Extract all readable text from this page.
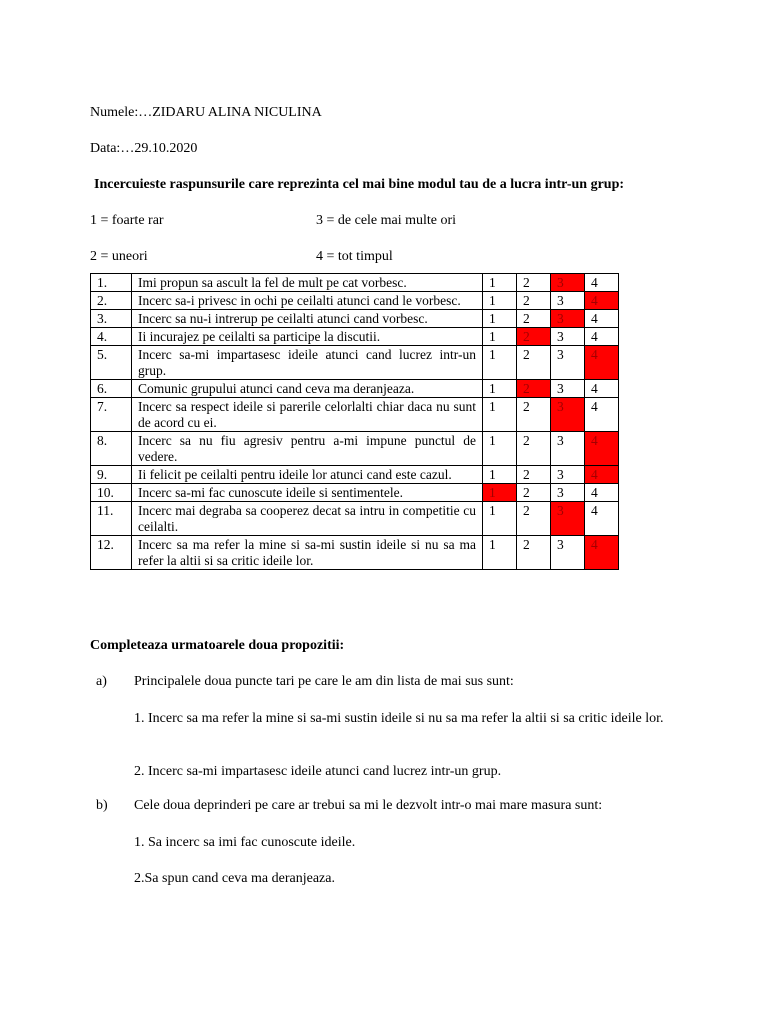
Numele:…ZIDARU ALINA NICULINA
Data:…29.10.2020
Incercuieste raspunsurile care reprezinta cel mai bine modul tau de a lucra intr-un grup:
1 = foarte rar	3 = de cele mai multe ori
2 = uneori	4 = tot timpul
1.	Imi propun sa ascult la fel de mult pe cat vorbesc.	1	2	3	4
2.	Incerc sa-i privesc in ochi pe ceilalti atunci cand le vorbesc.	1	2	3	4
3.	Incerc sa nu-i intrerup pe ceilalti atunci cand vorbesc.	1	2	3	4
4.	Ii incurajez pe ceilalti sa participe la discutii.	1	2	3	4
5.	Incerc sa-mi impartasesc ideile atunci cand lucrez intr-un grup.	1	2	3	4
6.	Comunic grupului atunci cand ceva ma deranjeaza.	1	2	3	4
7.	Incerc sa respect ideile si parerile celorlalti chiar daca nu sunt de acord cu ei.	1	2	3	4
8.	Incerc sa nu fiu agresiv pentru a-mi impune punctul de vedere.	1	2	3	4
9.	Ii felicit pe ceilalti pentru ideile lor atunci cand este cazul.	1	2	3	4
10.	Incerc sa-mi fac cunoscute ideile si sentimentele.	1	2	3	4
11.	Incerc mai degraba sa cooperez decat sa intru in competitie cu ceilalti.	1	2	3	4
12.	Incerc sa ma refer la mine si sa-mi sustin ideile si nu sa ma refer la altii si sa critic ideile lor.	1	2	3	4
Completeaza urmatoarele doua propozitii:
a) Principalele doua puncte tari pe care le am din lista de mai sus sunt:
1. Incerc sa ma refer la mine si sa-mi sustin ideile si nu sa ma refer la altii si sa critic ideile lor.
2. Incerc sa-mi impartasesc ideile atunci cand lucrez intr-un grup.
b) Cele doua deprinderi pe care ar trebui sa mi le dezvolt intr-o mai mare masura sunt:
1. Sa incerc sa imi fac cunoscute ideile.
2.Sa spun cand ceva ma deranjeaza.
